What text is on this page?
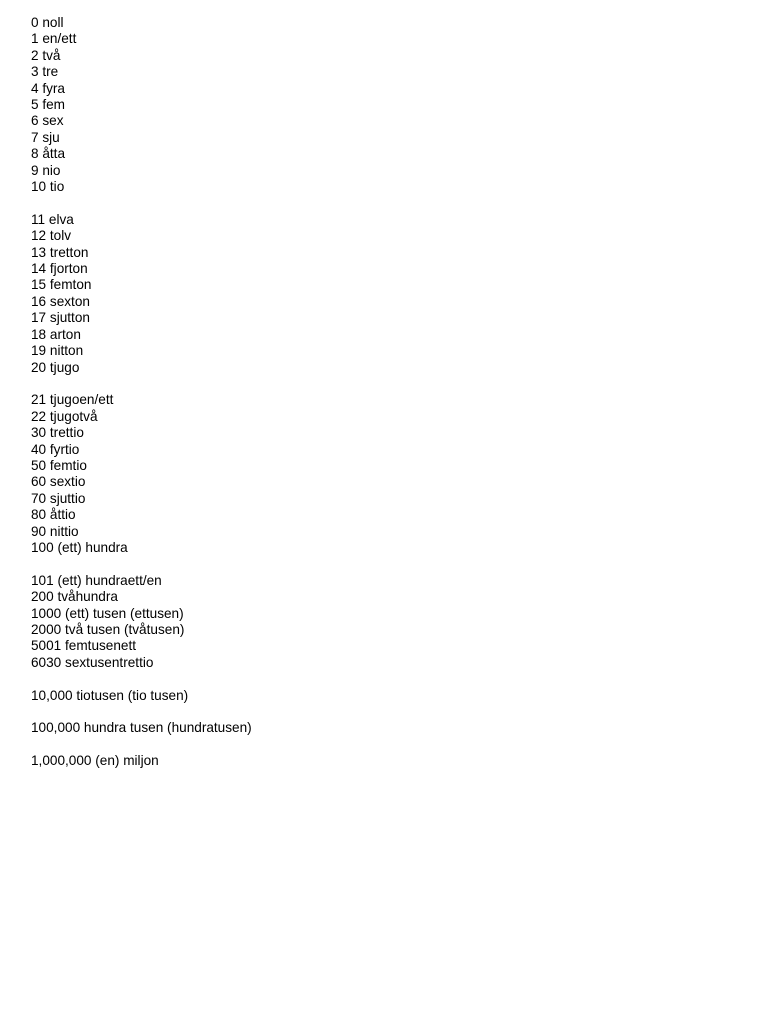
0 noll
1 en/ett
2 två
3 tre
4 fyra
5 fem
6 sex
7 sju
8 åtta
9 nio
10 tio
11 elva
12 tolv
13 tretton
14 fjorton
15 femton
16 sexton
17 sjutton
18 arton
19 nitton
20 tjugo
21 tjugoen/ett
22 tjugotvå
30 trettio
40 fyrtio
50 femtio
60 sextio
70 sjuttio
80 åttio
90 nittio
100 (ett) hundra
101 (ett) hundraett/en
200 tvåhundra
1000 (ett) tusen (ettusen)
2000 två tusen (tvåtusen)
5001 femtusenett
6030 sextusentrettio
10,000 tiotusen (tio tusen)
100,000 hundra tusen (hundratusen)
1,000,000 (en) miljon
